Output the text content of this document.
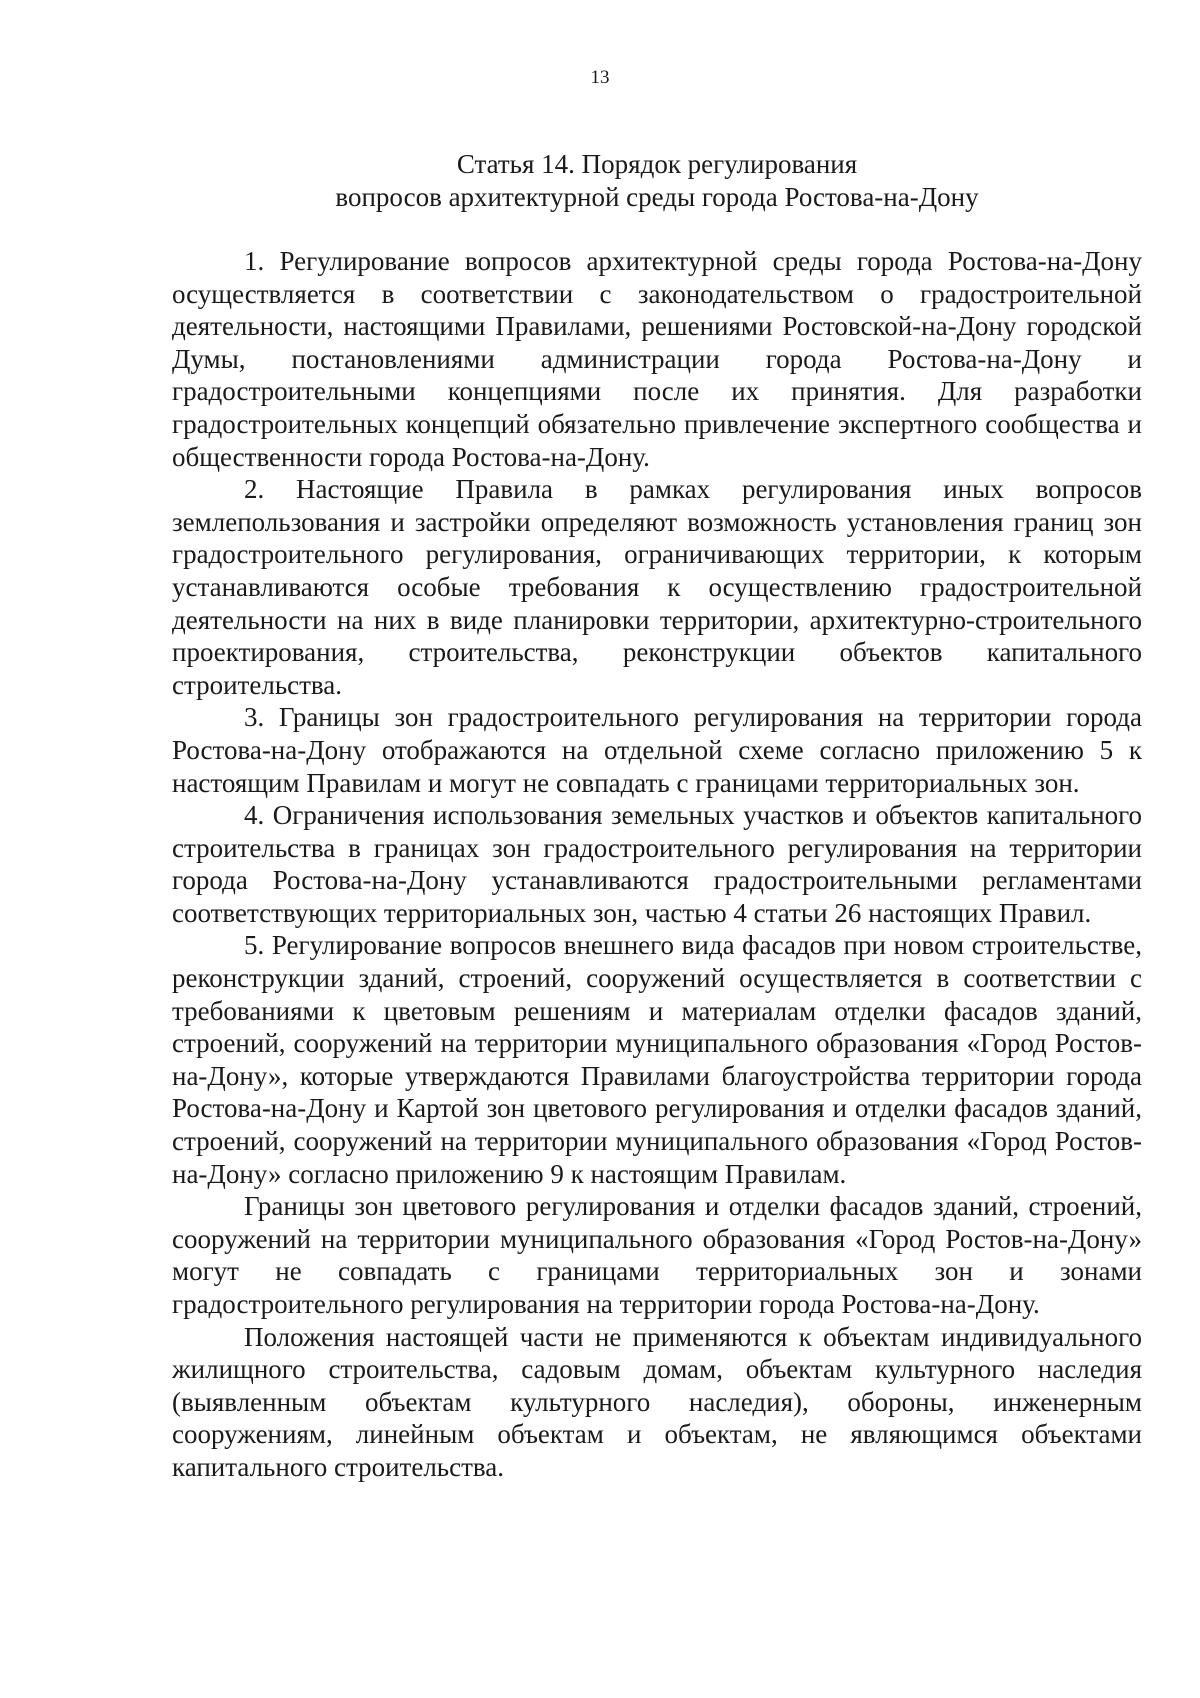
13
Статья 14. Порядок регулирования
вопросов архитектурной среды города Ростова-на-Дону

1. Регулирование вопросов архитектурной среды города Ростова-на-Дону осуществляется в соответствии с законодательством о градостроительной деятельности, настоящими Правилами, решениями Ростовской-на-Дону городской Думы, постановлениями администрации города Ростова-на-Дону и градостроительными концепциями после их принятия. Для разработки градостроительных концепций обязательно привлечение экспертного сообщества и общественности города Ростова-на-Дону.

2. Настоящие Правила в рамках регулирования иных вопросов землепользования и застройки определяют возможность установления границ зон градостроительного регулирования, ограничивающих территории, к которым устанавливаются особые требования к осуществлению градостроительной деятельности на них в виде планировки территории, архитектурно-строительного проектирования, строительства, реконструкции объектов капитального строительства.

3. Границы зон градостроительного регулирования на территории города Ростова-на-Дону отображаются на отдельной схеме согласно приложению 5 к настоящим Правилам и могут не совпадать с границами территориальных зон.

4. Ограничения использования земельных участков и объектов капитального строительства в границах зон градостроительного регулирования на территории города Ростова-на-Дону устанавливаются градостроительными регламентами соответствующих территориальных зон, частью 4 статьи 26 настоящих Правил.

5. Регулирование вопросов внешнего вида фасадов при новом строительстве, реконструкции зданий, строений, сооружений осуществляется в соответствии с требованиями к цветовым решениям и материалам отделки фасадов зданий, строений, сооружений на территории муниципального образования «Город Ростов-на-Дону», которые утверждаются Правилами благоустройства территории города Ростова-на-Дону и Картой зон цветового регулирования и отделки фасадов зданий, строений, сооружений на территории муниципального образования «Город Ростов-на-Дону» согласно приложению 9 к настоящим Правилам.

Границы зон цветового регулирования и отделки фасадов зданий, строений, сооружений на территории муниципального образования «Город Ростов-на-Дону» могут не совпадать с границами территориальных зон и зонами градостроительного регулирования на территории города Ростова-на-Дону.

Положения настоящей части не применяются к объектам индивидуального жилищного строительства, садовым домам, объектам культурного наследия (выявленным объектам культурного наследия), обороны, инженерным сооружениям, линейным объектам и объектам, не являющимся объектами капитального строительства.
